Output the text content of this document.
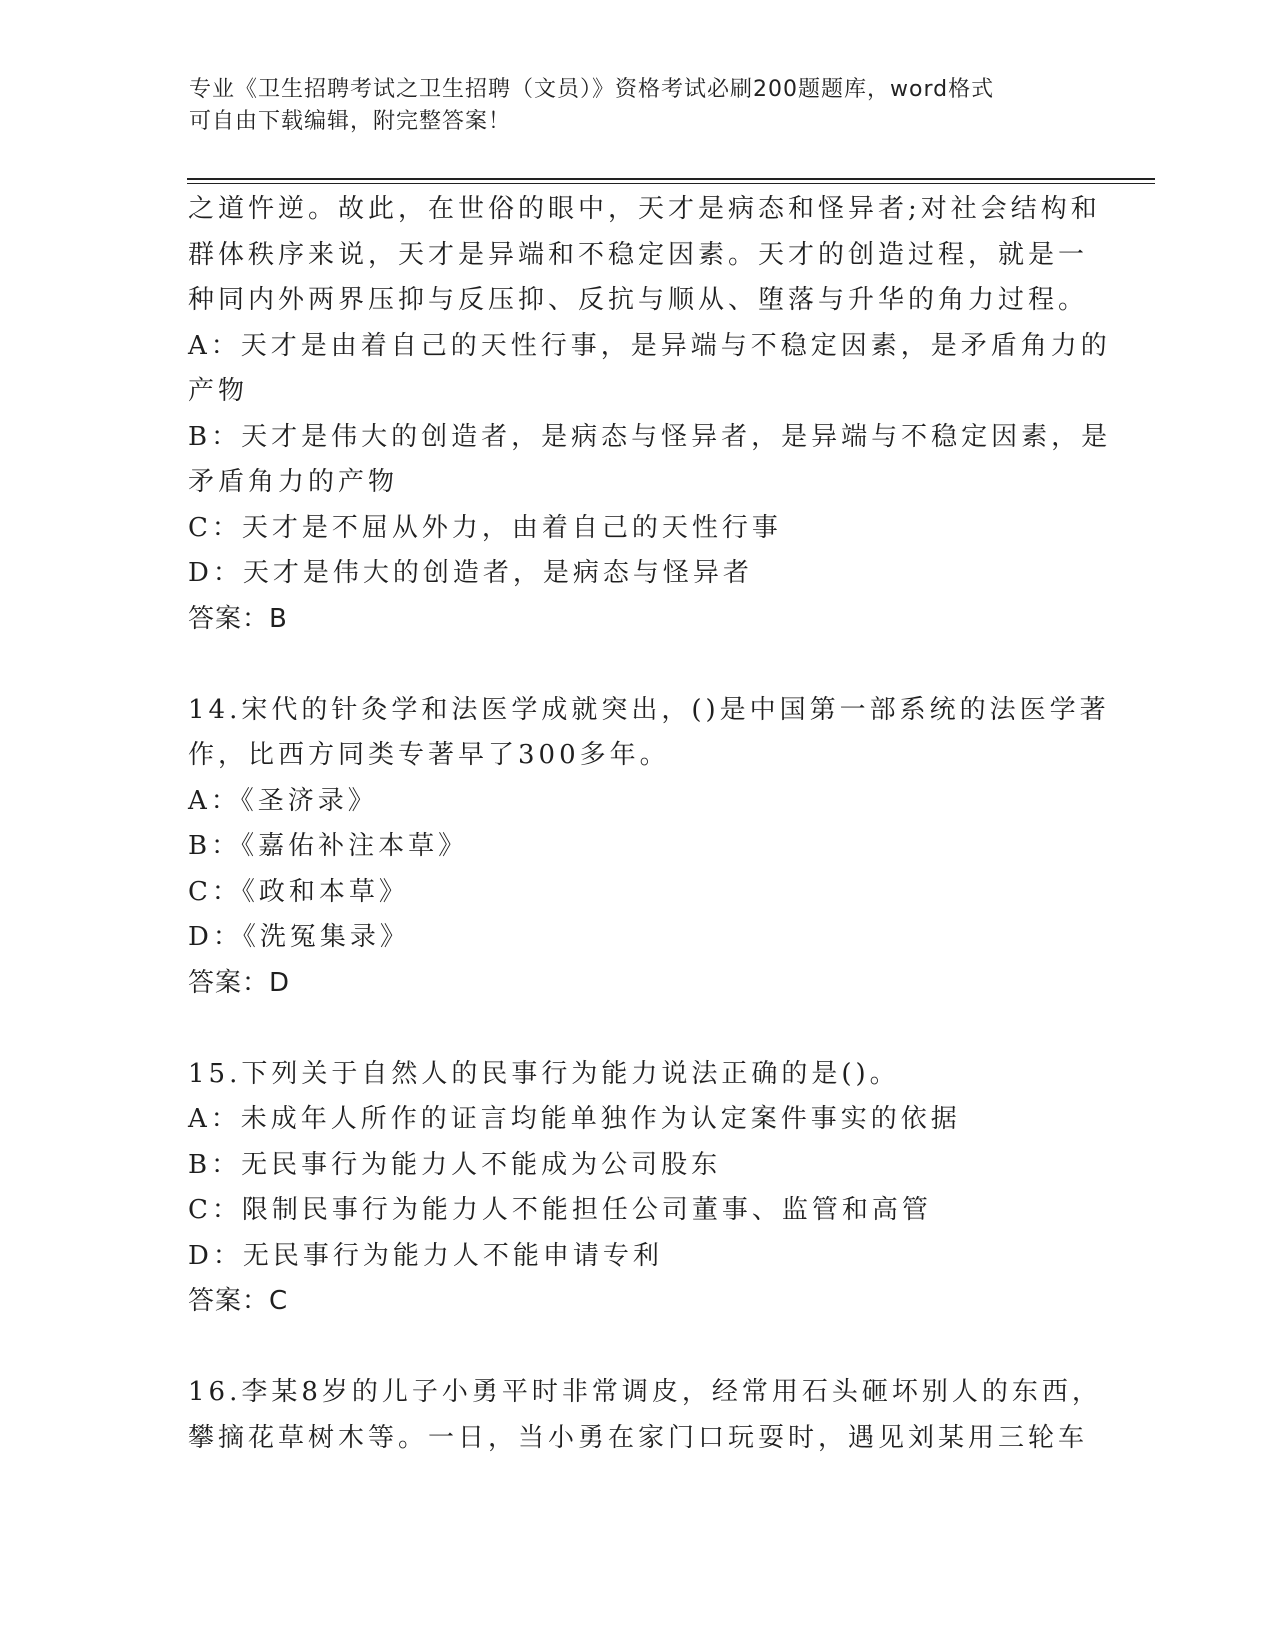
专业《卫生招聘考试之卫生招聘（文员）》资格考试必刷200题题库，word格式
可自由下载编辑，附完整答案！
之道忤逆。故此，在世俗的眼中，天才是病态和怪异者;对社会结构和
群体秩序来说，天才是异端和不稳定因素。天才的创造过程，就是一
种同内外两界压抑与反压抑、反抗与顺从、堕落与升华的角力过程。
A：天才是由着自己的天性行事，是异端与不稳定因素，是矛盾角力的
产物
B：天才是伟大的创造者，是病态与怪异者，是异端与不稳定因素，是
矛盾角力的产物
C：天才是不屈从外力，由着自己的天性行事
D：天才是伟大的创造者，是病态与怪异者
答案：B
14.宋代的针灸学和法医学成就突出，()是中国第一部系统的法医学著
作，比西方同类专著早了300多年。
A：《圣济录》
B：《嘉佑补注本草》
C：《政和本草》
D：《洗冤集录》
答案：D
15.下列关于自然人的民事行为能力说法正确的是()。
A：未成年人所作的证言均能单独作为认定案件事实的依据
B：无民事行为能力人不能成为公司股东
C：限制民事行为能力人不能担任公司董事、监管和高管
D：无民事行为能力人不能申请专利
答案：C
16.李某8岁的儿子小勇平时非常调皮，经常用石头砸坏别人的东西，
攀摘花草树木等。一日，当小勇在家门口玩耍时，遇见刘某用三轮车
